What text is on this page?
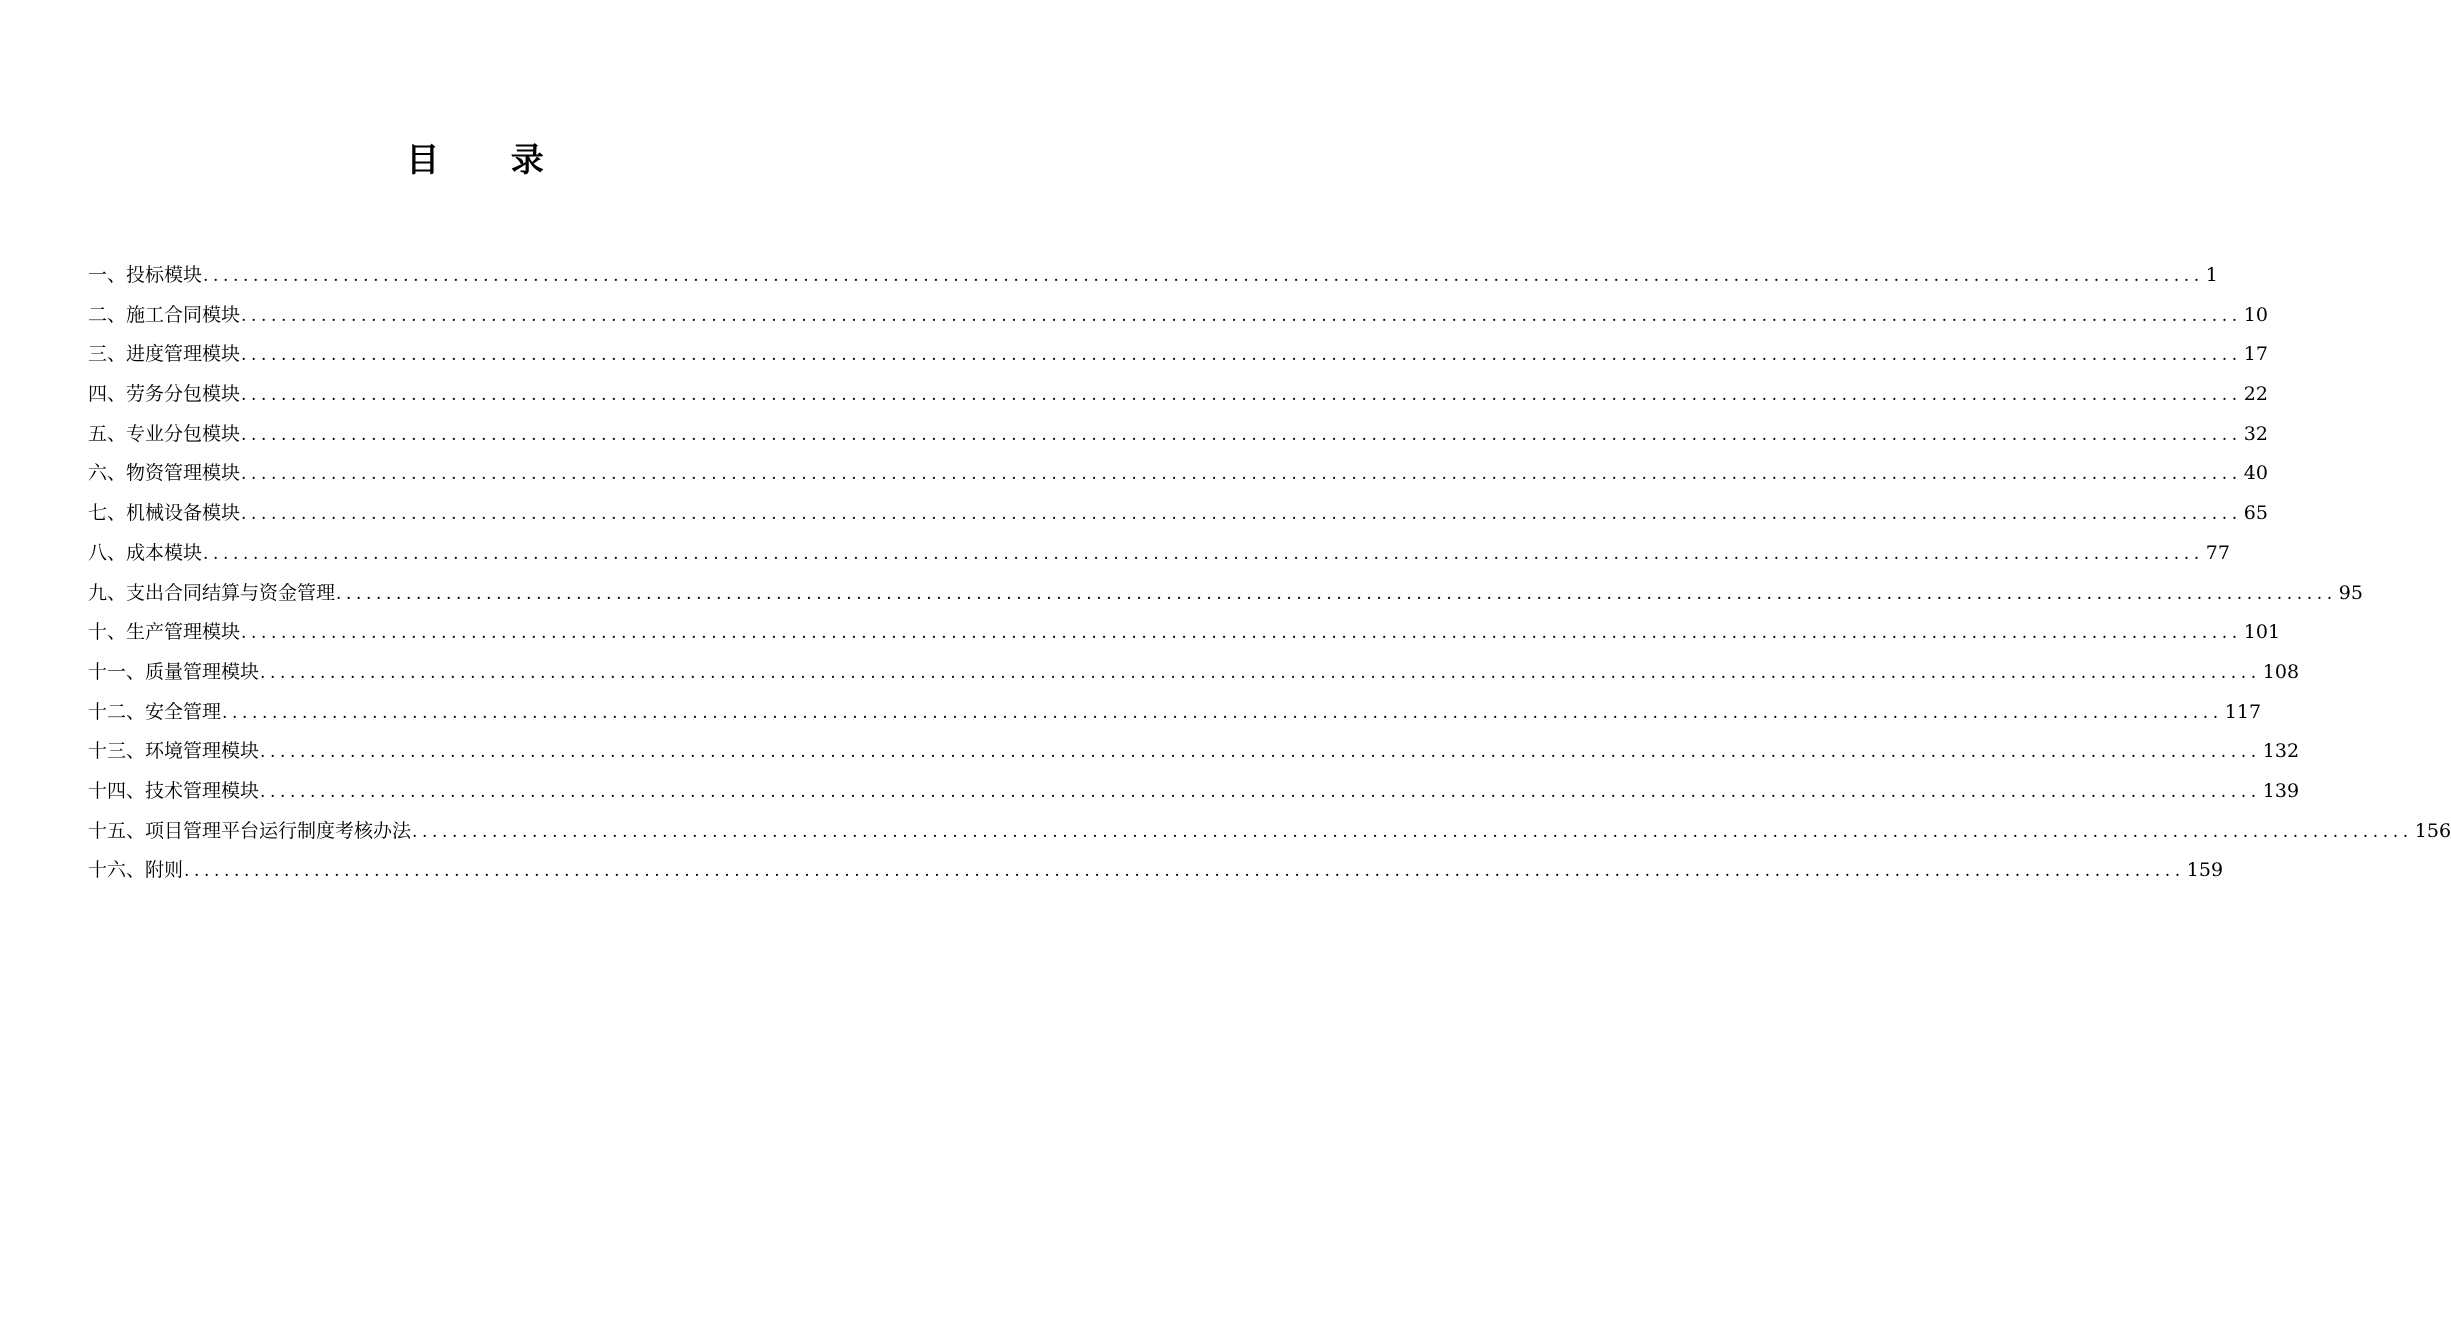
目 录
一、投标模块 ........................................................................................................................................................................................................ 1
二、施工合同模块 ........................................................................................................................................................................................................ 10
三、进度管理模块 ........................................................................................................................................................................................................ 17
四、劳务分包模块 ........................................................................................................................................................................................................ 22
五、专业分包模块 ........................................................................................................................................................................................................ 32
六、物资管理模块 ........................................................................................................................................................................................................ 40
七、机械设备模块 ........................................................................................................................................................................................................ 65
八、成本模块 ........................................................................................................................................................................................................ 77
九、支出合同结算与资金管理 ........................................................................................................................................................................................................ 95
十、生产管理模块 ........................................................................................................................................................................................................ 101
十一、质量管理模块 ........................................................................................................................................................................................................ 108
十二、安全管理 ........................................................................................................................................................................................................ 117
十三、环境管理模块 ........................................................................................................................................................................................................ 132
十四、技术管理模块 ........................................................................................................................................................................................................ 139
十五、项目管理平台运行制度考核办法 ........................................................................................................................................................................................................ 156
十六、附则 ........................................................................................................................................................................................................ 159
